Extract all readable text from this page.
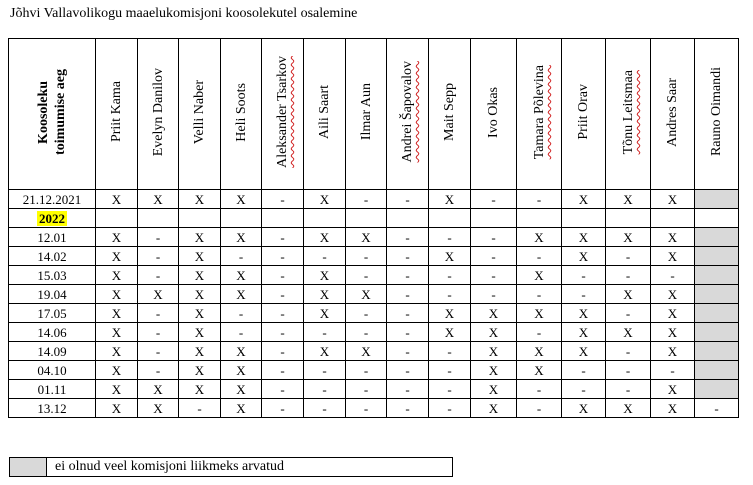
Jõhvi Vallavolikogu maaelukomisjoni koosolekutel osalemine
Koosoleku toimumise aeg	Priit Kama	Evelyn Danilov	Velli Naber	Heli Soots	Aleksander Tsarkov	Aili Saart	Ilmar Aun	Andrei Šapovalov	Mait Sepp	Ivo Okas	Tamara Põlevina	Priit Orav	Tõnu Leitsmaa	Andres Saar	Rauno Oimandi
21.12.2021	X	X	X	X	-	X	-	-	X	-	-	X	X	X	
2022															
12.01	X	-	X	X	-	X	X	-	-	-	X	X	X	X	
14.02	X	-	X	-	-	-	-	-	X	-	-	X	-	X	
15.03	X	-	X	X	-	X	-	-	-	-	X	-	-	-	
19.04	X	X	X	X	-	X	X	-	-	-	-	-	X	X	
17.05	X	-	X	-	-	X	-	-	X	X	X	X	-	X	
14.06	X	-	X	-	-	-	-	-	X	X	-	X	X	X	
14.09	X	-	X	X	-	X	X	-	-	X	X	X	-	X	
04.10	X	-	X	X	-	-	-	-	-	X	X	-	-	-	
01.11	X	X	X	X	-	-	-	-	-	X	-	-	-	X	
13.12	X	X	-	X	-	-	-	-	-	X	-	X	X	X	-
ei olnud veel komisjoni liikmeks arvatud
